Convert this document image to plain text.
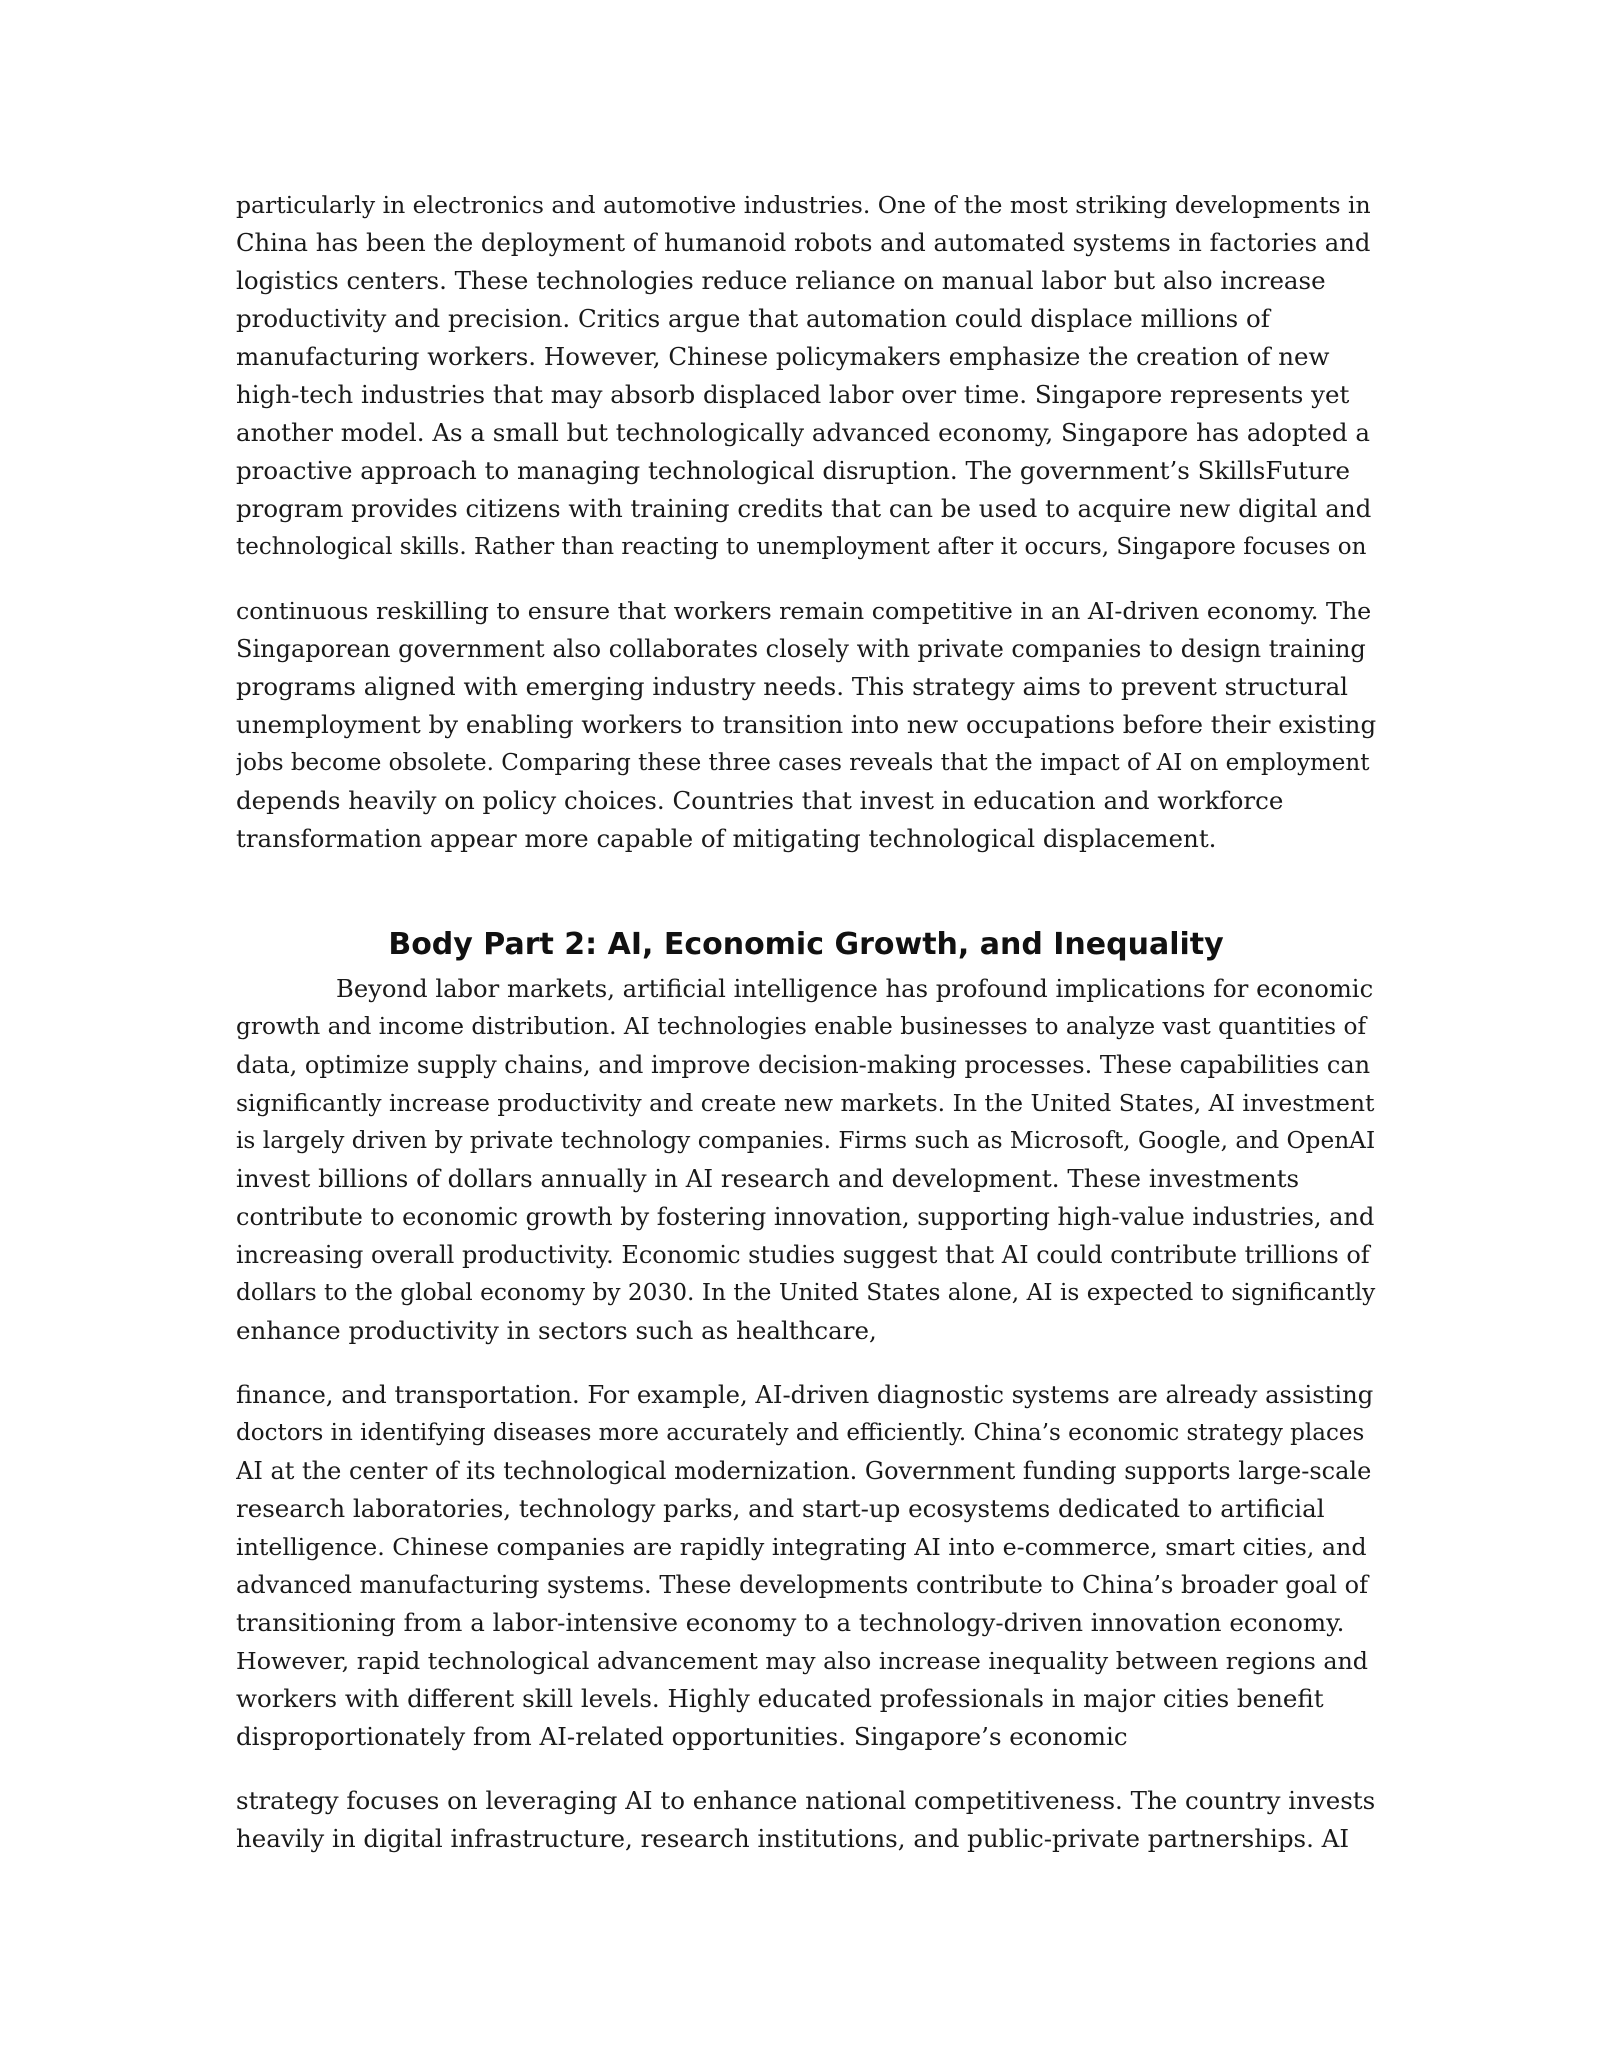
particularly in electronics and automotive industries. One of the most striking developments in
China has been the deployment of humanoid robots and automated systems in factories and
logistics centers. These technologies reduce reliance on manual labor but also increase
productivity and precision. Critics argue that automation could displace millions of
manufacturing workers. However, Chinese policymakers emphasize the creation of new
high-tech industries that may absorb displaced labor over time. Singapore represents yet
another model. As a small but technologically advanced economy, Singapore has adopted a
proactive approach to managing technological disruption. The government’s SkillsFuture
program provides citizens with training credits that can be used to acquire new digital and
technological skills. Rather than reacting to unemployment after it occurs, Singapore focuses on
continuous reskilling to ensure that workers remain competitive in an AI-driven economy. The
Singaporean government also collaborates closely with private companies to design training
programs aligned with emerging industry needs. This strategy aims to prevent structural
unemployment by enabling workers to transition into new occupations before their existing
jobs become obsolete. Comparing these three cases reveals that the impact of AI on employment
depends heavily on policy choices. Countries that invest in education and workforce
transformation appear more capable of mitigating technological displacement.
Body Part 2: AI, Economic Growth, and Inequality
Beyond labor markets, artificial intelligence has profound implications for economic
growth and income distribution. AI technologies enable businesses to analyze vast quantities of
data, optimize supply chains, and improve decision-making processes. These capabilities can
significantly increase productivity and create new markets. In the United States, AI investment
is largely driven by private technology companies. Firms such as Microsoft, Google, and OpenAI
invest billions of dollars annually in AI research and development. These investments
contribute to economic growth by fostering innovation, supporting high-value industries, and
increasing overall productivity. Economic studies suggest that AI could contribute trillions of
dollars to the global economy by 2030. In the United States alone, AI is expected to significantly
enhance productivity in sectors such as healthcare,
finance, and transportation. For example, AI-driven diagnostic systems are already assisting
doctors in identifying diseases more accurately and efficiently. China’s economic strategy places
AI at the center of its technological modernization. Government funding supports large-scale
research laboratories, technology parks, and start-up ecosystems dedicated to artificial
intelligence. Chinese companies are rapidly integrating AI into e-commerce, smart cities, and
advanced manufacturing systems. These developments contribute to China’s broader goal of
transitioning from a labor-intensive economy to a technology-driven innovation economy.
However, rapid technological advancement may also increase inequality between regions and
workers with different skill levels. Highly educated professionals in major cities benefit
disproportionately from AI-related opportunities. Singapore’s economic
strategy focuses on leveraging AI to enhance national competitiveness. The country invests
heavily in digital infrastructure, research institutions, and public-private partnerships. AI
